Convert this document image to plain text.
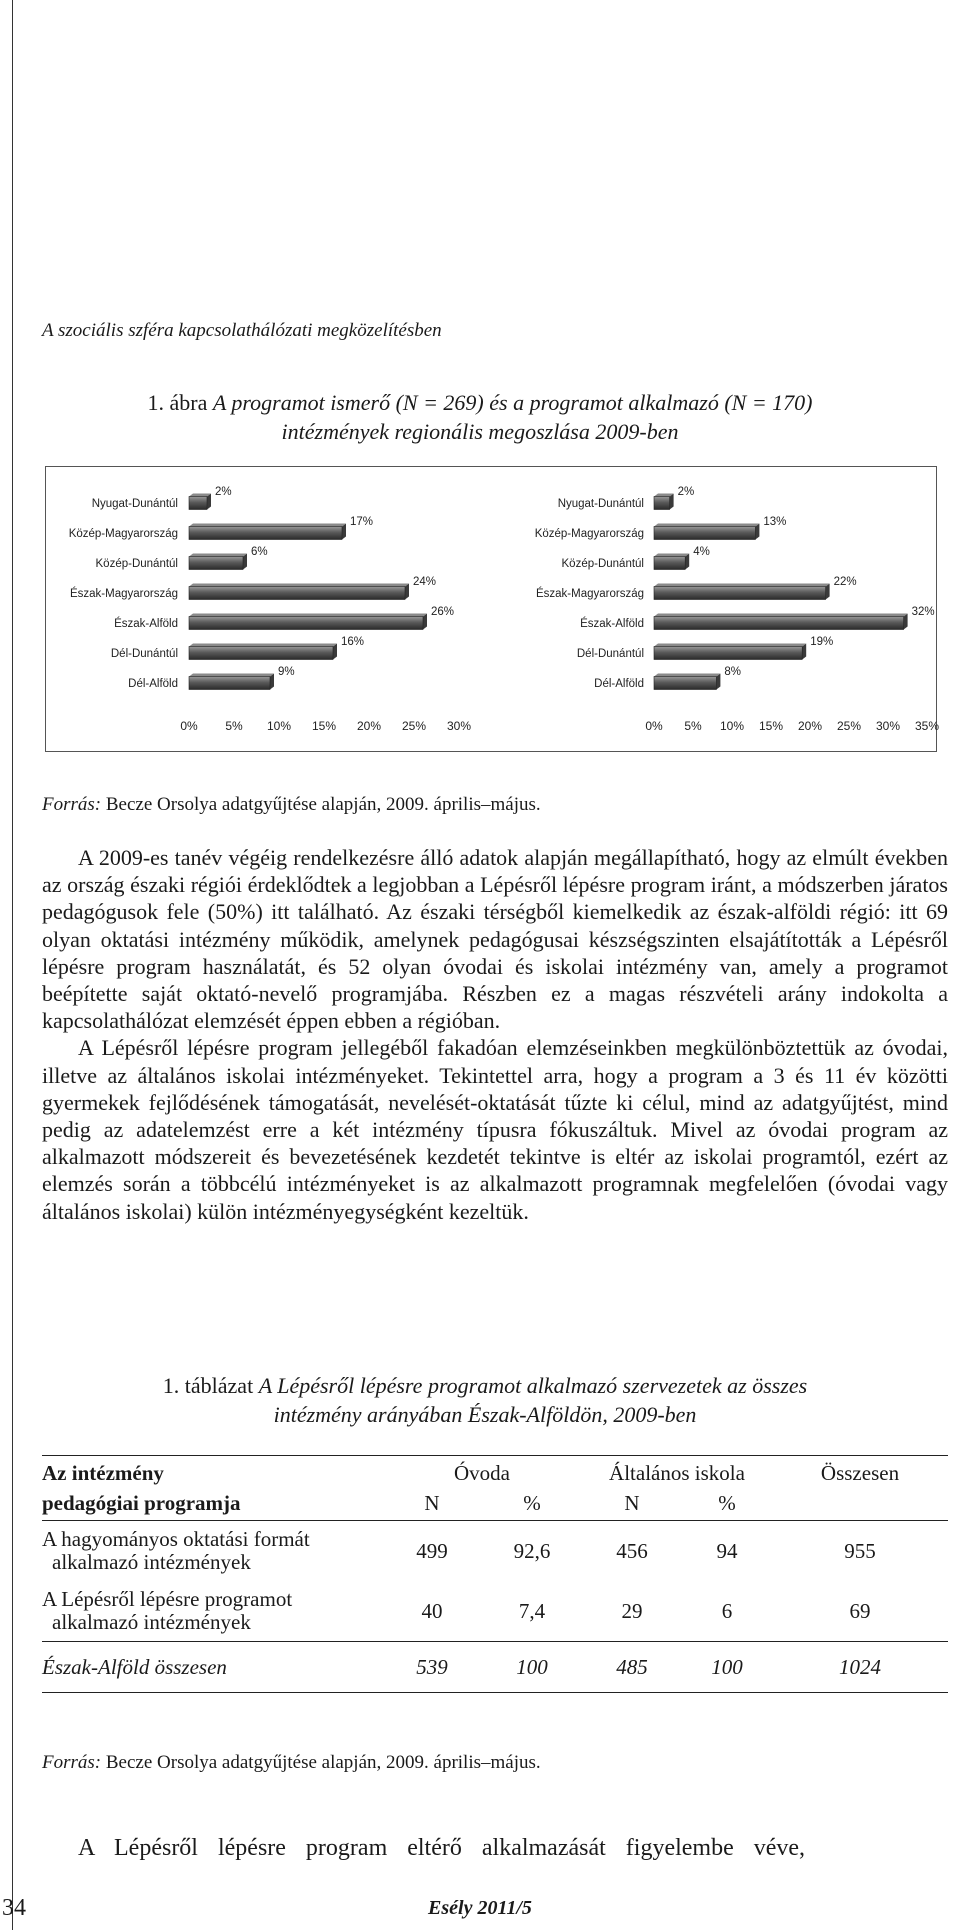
A szociális szféra kapcsolathálózati megközelítésben
1. ábra A programot ismerő (N = 269) és a programot alkalmazó (N = 170)
intézmények regionális megoszlása 2009-ben
Nyugat-Dunántúl
2%
Közép-Magyarország
17%
Közép-Dunántúl
6%
Észak-Magyarország
24%
Észak-Alföld
26%
Dél-Dunántúl
16%
Dél-Alföld
9%
0% 5% 10% 15% 20% 25% 30%
Nyugat-Dunántúl
2%
Közép-Magyarország
13%
Közép-Dunántúl
4%
Észak-Magyarország
22%
Észak-Alföld
32%
Dél-Dunántúl
19%
Dél-Alföld
8%
0% 5% 10% 15% 20% 25% 30% 35%
Forrás: Becze Orsolya adatgyűjtése alapján, 2009. április–május.

A 2009-es tanév végéig rendelkezésre álló adatok alapján megállapítható, hogy az elmúlt években az ország északi régiói érdeklődtek a legjobban a Lépésről lépésre program iránt, a módszerben járatos pedagógusok fele (50%) itt található. Az északi térségből kiemelkedik az észak-alföldi régió: itt 69 olyan oktatási intézmény működik, amelynek pedagógusai készségszinten elsajátították a Lépésről lépésre program használatát, és 52 olyan óvodai és iskolai intézmény van, amely a programot beépítette saját oktató-nevelő programjába. Részben ez a magas részvételi arány indokolta a kapcsolathálózat elemzését éppen ebben a régióban.

A Lépésről lépésre program jellegéből fakadóan elemzéseinkben megkülönböztettük az óvodai, illetve az általános iskolai intézményeket. Tekintettel arra, hogy a program a 3 és 11 év közötti gyermekek fejlődésének támogatását, nevelését-oktatását tűzte ki célul, mind az adatgyűjtést, mind pedig az adatelemzést erre a két intézmény típusra fókuszáltuk. Mivel az óvodai program az alkalmazott módszereit és bevezetésének kezdetét tekintve is eltér az iskolai programtól, ezért az elemzés során a többcélú intézményeket is az alkalmazott programnak megfelelően (óvodai vagy általános iskolai) külön intézményegységként kezeltük.

1. táblázat A Lépésről lépésre programot alkalmazó szervezetek az összes
intézmény arányában Észak-Alföldön, 2009-ben
Az intézmény	Óvoda		Általános iskola		Összesen
pedagógiai programja	N	%	N	%	

A hagyományos oktatási formát
alkalmazó intézmények	499	92,6	456	94	955

A Lépésről lépésre programot
alkalmazó intézmények	40	7,4	29	6	69
Észak-Alföld összesen	539	100	485	100	1024
Forrás: Becze Orsolya adatgyűjtése alapján, 2009. április–május.
A Lépésről lépésre program eltérő alkalmazását figyelembe véve,
34	Esély 2011/5
